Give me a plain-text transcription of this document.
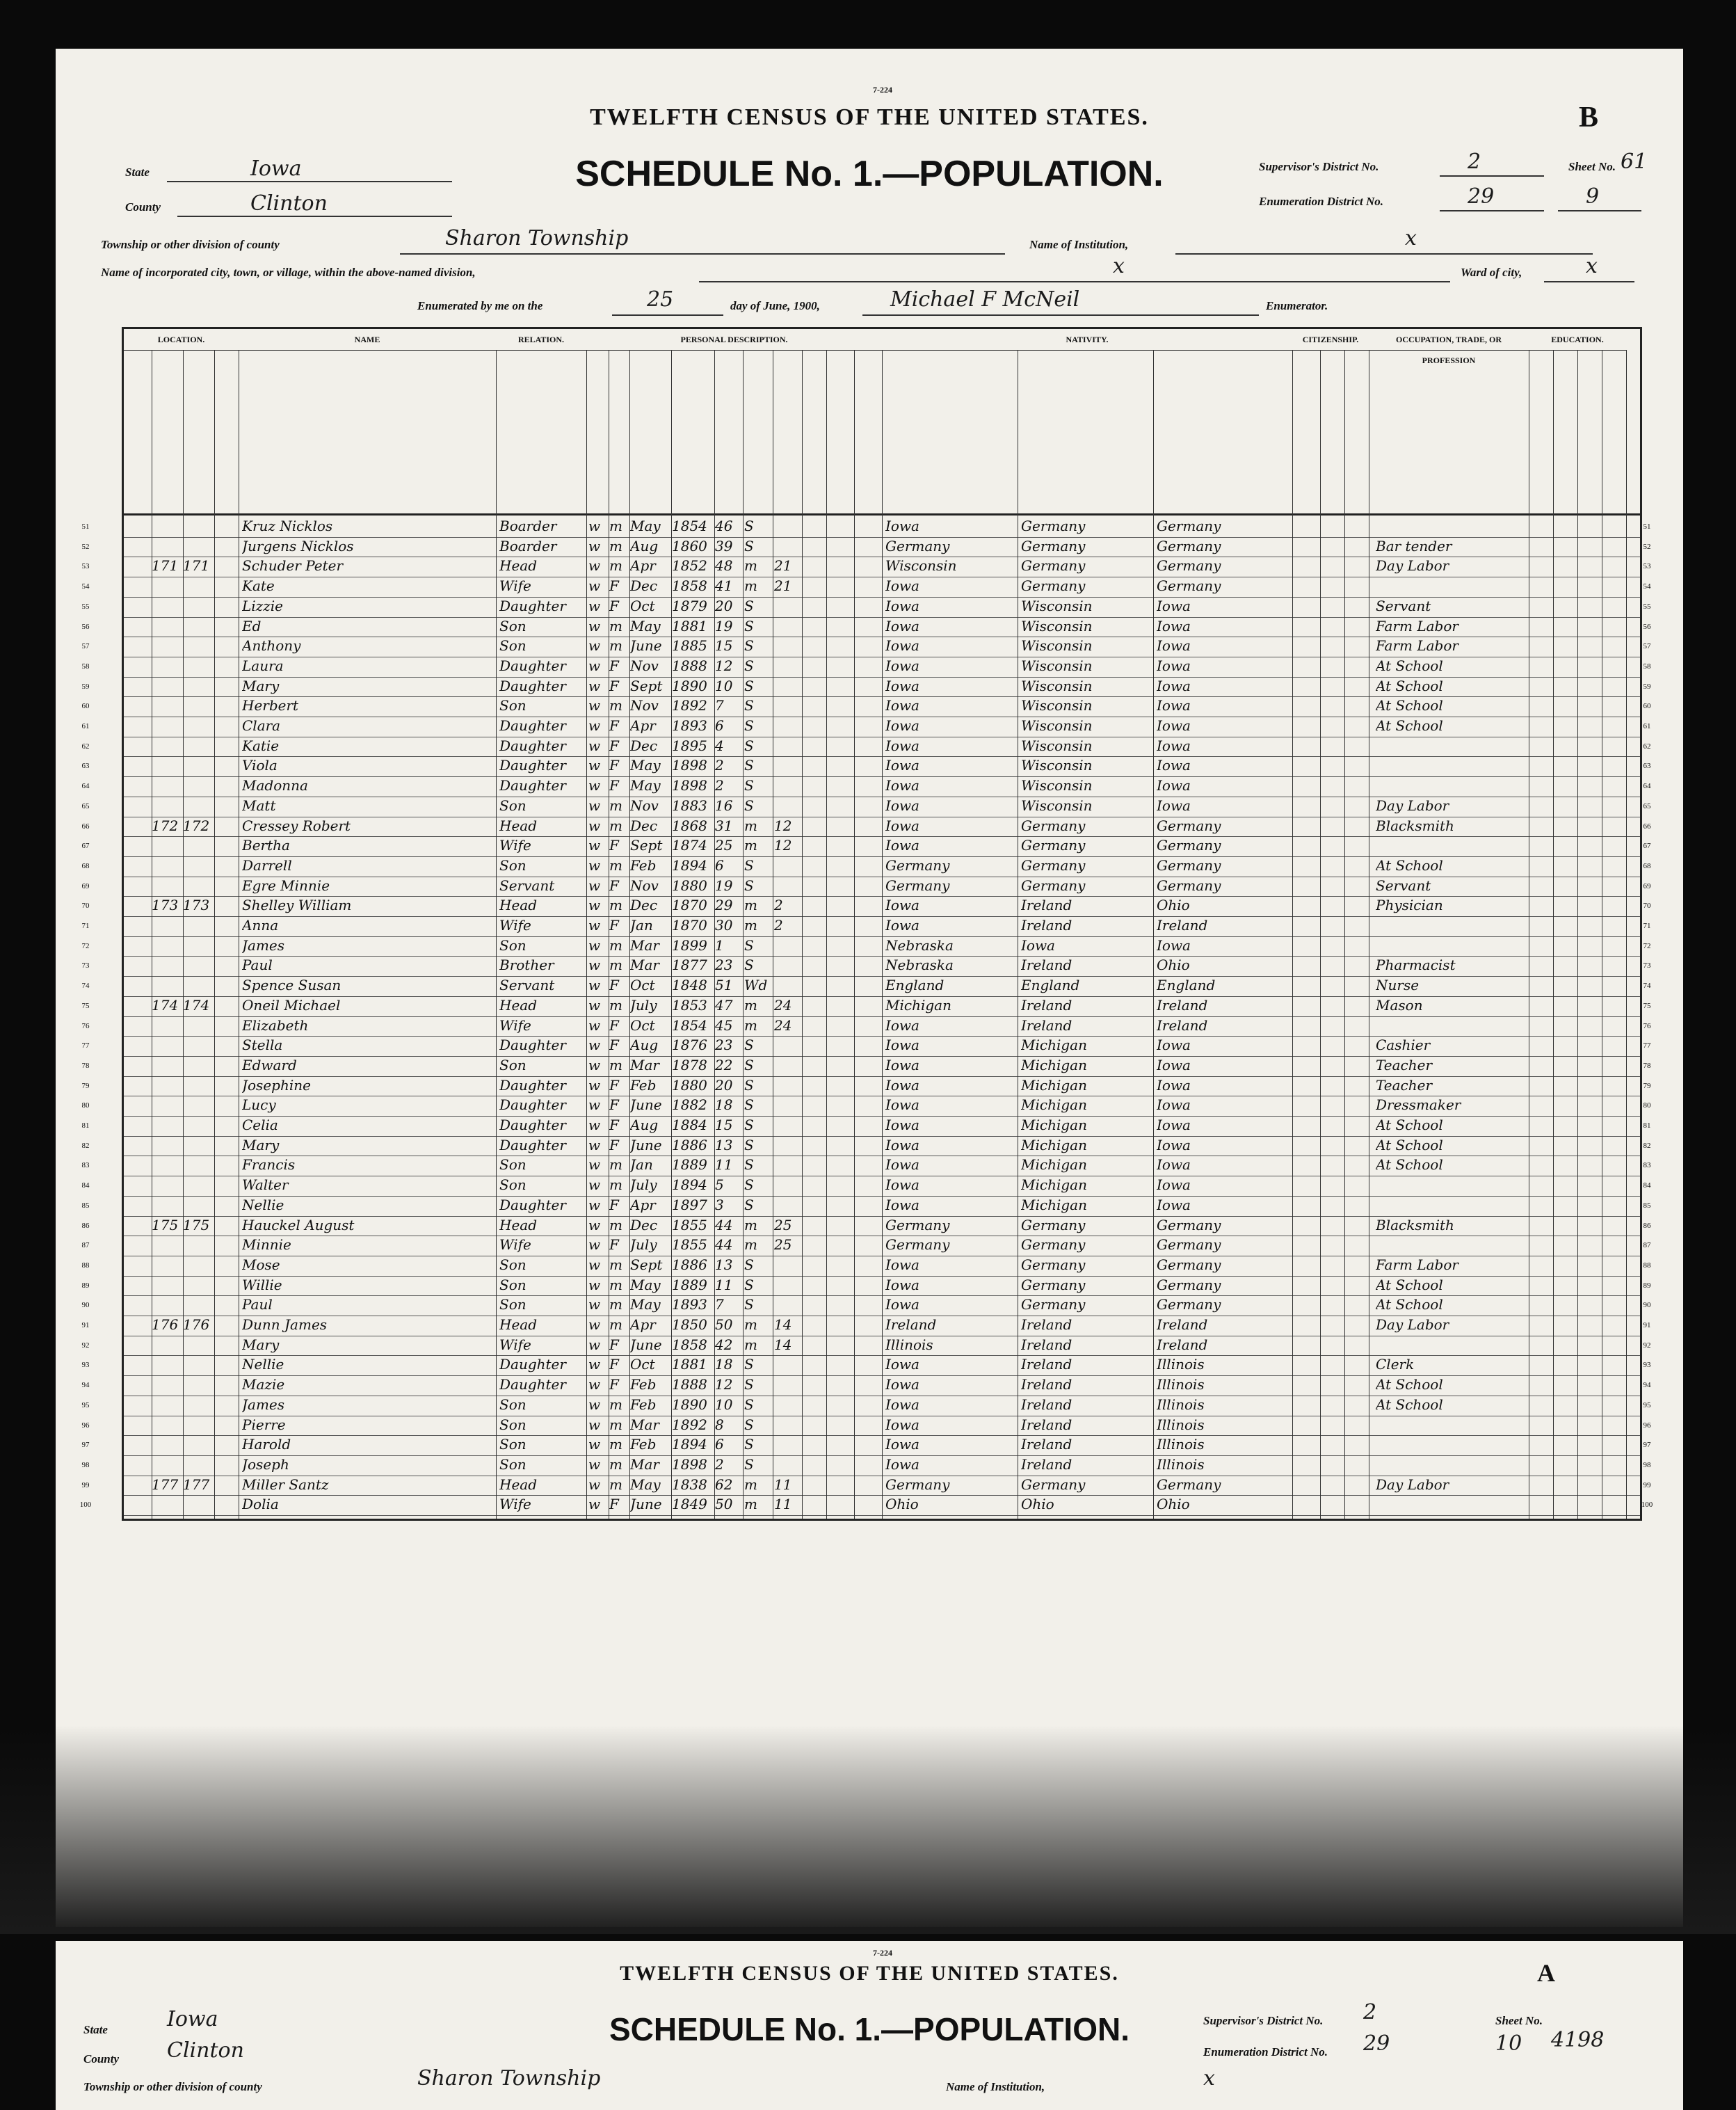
7-224
TWELFTH CENSUS OF THE UNITED STATES.	B
SCHEDULE No. 1.—POPULATION.
State	Iowa
County	Clinton
Supervisor's District No.	2	Sheet No. 61
Enumeration District No.	29	9
Township or other division of county	Sharon Township	Name of Institution,	x
Name of incorporated city, town, or village, within the above-named division,	x	Ward of city,	x
Enumerated by me on the	25	day of June, 1900,	Michael F McNeil	Enumerator.
LOCATION.	NAME	RELATION.	PERSONAL DESCRIPTION.	NATIVITY.	CITIZENSHIP.	OCCUPATION, TRADE, OR PROFESSION
EDUCATION.
51	Kruz Nicklos	Boarder	w m May 1854 46 S	Iowa	Germany	Germany	51
52	Jurgens Nicklos	Boarder	w m Aug 1860 39 S	Germany	Germany	Germany	Bar tender	52
53	171 171	Schuder Peter	Head	w m Apr	1852 48 m	21	Wisconsin	Germany	Germany	Day Labor	53
54	Kate	Wife	w F Dec	1858 41 m	21	Iowa	Germany	Germany	54
55	Lizzie	Daughter	w F Oct	1879 20 S	Iowa	Wisconsin	Iowa	Servant	55
56	Ed	Son	w m May 1881 19 S	Iowa	Wisconsin	Iowa	Farm Labor	56
57	Anthony	Son	w m June 1885 15 S	Iowa	Wisconsin	Iowa	Farm Labor	57
58	Laura	Daughter	w F Nov 1888 12 S	Iowa	Wisconsin	Iowa	At School	58
59	Mary	Daughter	w F Sept 1890 10 S	Iowa	Wisconsin	Iowa	At School	59
60	Herbert	Son	w m Nov 1892 7	S	Iowa	Wisconsin	Iowa	At School	60
61	Clara	Daughter	w F Apr	1893 6	S	Iowa	Wisconsin	Iowa	At School	61
62	Katie	Daughter	w F Dec	1895 4	S	Iowa	Wisconsin	Iowa	62
63	Viola	Daughter	w F May 1898 2	S	Iowa	Wisconsin	Iowa	63
64	Madonna	Daughter	w F May 1898 2	S	Iowa	Wisconsin	Iowa	64
65	Matt	Son	w m Nov 1883 16 S	Iowa	Wisconsin	Iowa	Day Labor	65
66	172 172	Cressey Robert	Head	w m Dec	1868 31 m	12	Iowa	Germany	Germany	Blacksmith	66
67	Bertha	Wife	w F Sept 1874 25 m	12	Iowa	Germany	Germany	67
68	Darrell	Son	w m Feb	1894 6	S	Germany	Germany	Germany	At School	68
69	Egre Minnie	Servant	w F Nov 1880 19 S	Germany	Germany	Germany	Servant	69
70	173 173	Shelley William	Head	w m Dec	1870 29 m	2	Iowa	Ireland	Ohio	Physician	70
71	Anna	Wife	w F Jan	1870 30 m	2	Iowa	Ireland	Ireland	71
72	James	Son	w m Mar 1899 1	S	Nebraska	Iowa	Iowa	72
73	Paul	Brother	w m Mar 1877 23 S	Nebraska	Ireland	Ohio	Pharmacist	73
74	Spence Susan	Servant	w F Oct	1848 51 Wd	England	England	England	Nurse	74
75	174 174	Oneil Michael	Head	w m July	1853 47 m	24	Michigan	Ireland	Ireland	Mason	75
76	Elizabeth	Wife	w F Oct	1854 45 m	24	Iowa	Ireland	Ireland	76
77	Stella	Daughter	w F Aug 1876 23 S	Iowa	Michigan	Iowa	Cashier	77
78	Edward	Son	w m Mar 1878 22 S	Iowa	Michigan	Iowa	Teacher	78
79	Josephine	Daughter	w F Feb	1880 20 S	Iowa	Michigan	Iowa	Teacher	79
80	Lucy	Daughter	w F June 1882 18 S	Iowa	Michigan	Iowa	Dressmaker	80
81	Celia	Daughter	w F Aug 1884 15 S	Iowa	Michigan	Iowa	At School	81
82	Mary	Daughter	w F June 1886 13 S	Iowa	Michigan	Iowa	At School	82
83	Francis	Son	w m Jan	1889 11 S	Iowa	Michigan	Iowa	At School	83
84	Walter	Son	w m July	1894 5	S	Iowa	Michigan	Iowa	84
85	Nellie	Daughter	w F Apr	1897 3	S	Iowa	Michigan	Iowa	85
86	175 175	Hauckel August	Head	w m Dec	1855 44 m	25	Germany	Germany	Germany	Blacksmith	86
87	Minnie	Wife	w F July	1855 44 m	25	Germany	Germany	Germany	87
88	Mose	Son	w m Sept 1886 13 S	Iowa	Germany	Germany	Farm Labor	88
89	Willie	Son	w m May 1889 11 S	Iowa	Germany	Germany	At School	89
90	Paul	Son	w m May 1893 7	S	Iowa	Germany	Germany	At School	90
91	176 176	Dunn James	Head	w m Apr	1850 50 m	14	Ireland	Ireland	Ireland	Day Labor	91
92	Mary	Wife	w F June 1858 42 m	14	Illinois	Ireland	Ireland	92
93	Nellie	Daughter	w F Oct	1881 18 S	Iowa	Ireland	Illinois	Clerk	93
94	Mazie	Daughter	w F Feb	1888 12 S	Iowa	Ireland	Illinois	At School	94
95	James	Son	w m Feb	1890 10 S	Iowa	Ireland	Illinois	At School	95
96	Pierre	Son	w m Mar 1892 8	S	Iowa	Ireland	Illinois	96
97	Harold	Son	w m Feb	1894 6	S	Iowa	Ireland	Illinois	97
98	Joseph	Son	w m Mar 1898 2	S	Iowa	Ireland	Illinois	98
99	177 177	Miller Santz	Head	w m May 1838 62 m	11	Germany	Germany	Germany	Day Labor	99
100	Dolia	Wife	w F June 1849 50 m	11	Ohio	Ohio	Ohio	100
7-224
TWELFTH CENSUS OF THE UNITED STATES.	A
SCHEDULE No. 1.—POPULATION.
State	Iowa
County Clinton
Supervisor's District No. 2	Sheet No.
Enumeration District No. 29	10 4198
Township or other division of county	Sharon Township	Name of Institution,	x
